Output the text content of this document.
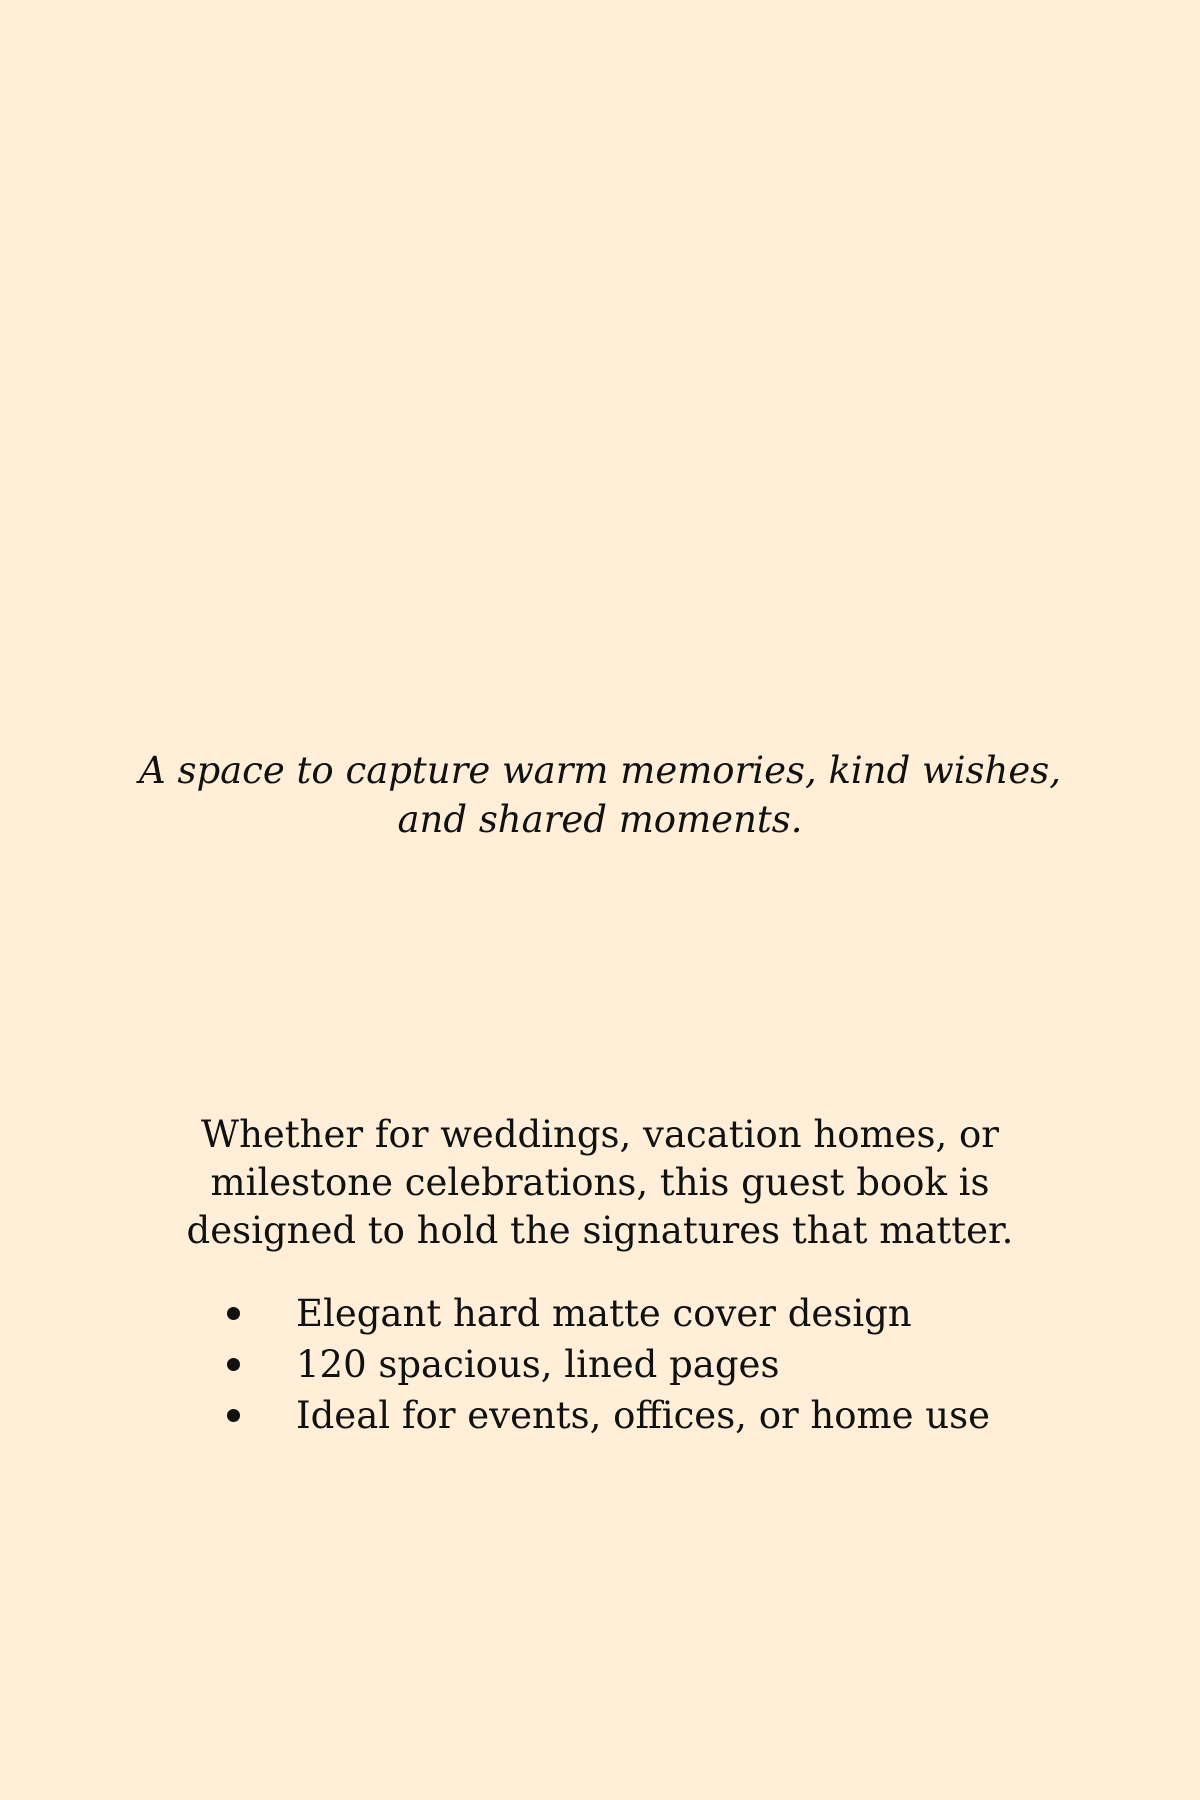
A space to capture warm memories, kind wishes,
and shared moments.
Whether for weddings, vacation homes, or
milestone celebrations, this guest book is
designed to hold the signatures that matter.
Elegant hard matte cover design
120 spacious, lined pages
Ideal for events, offices, or home use
